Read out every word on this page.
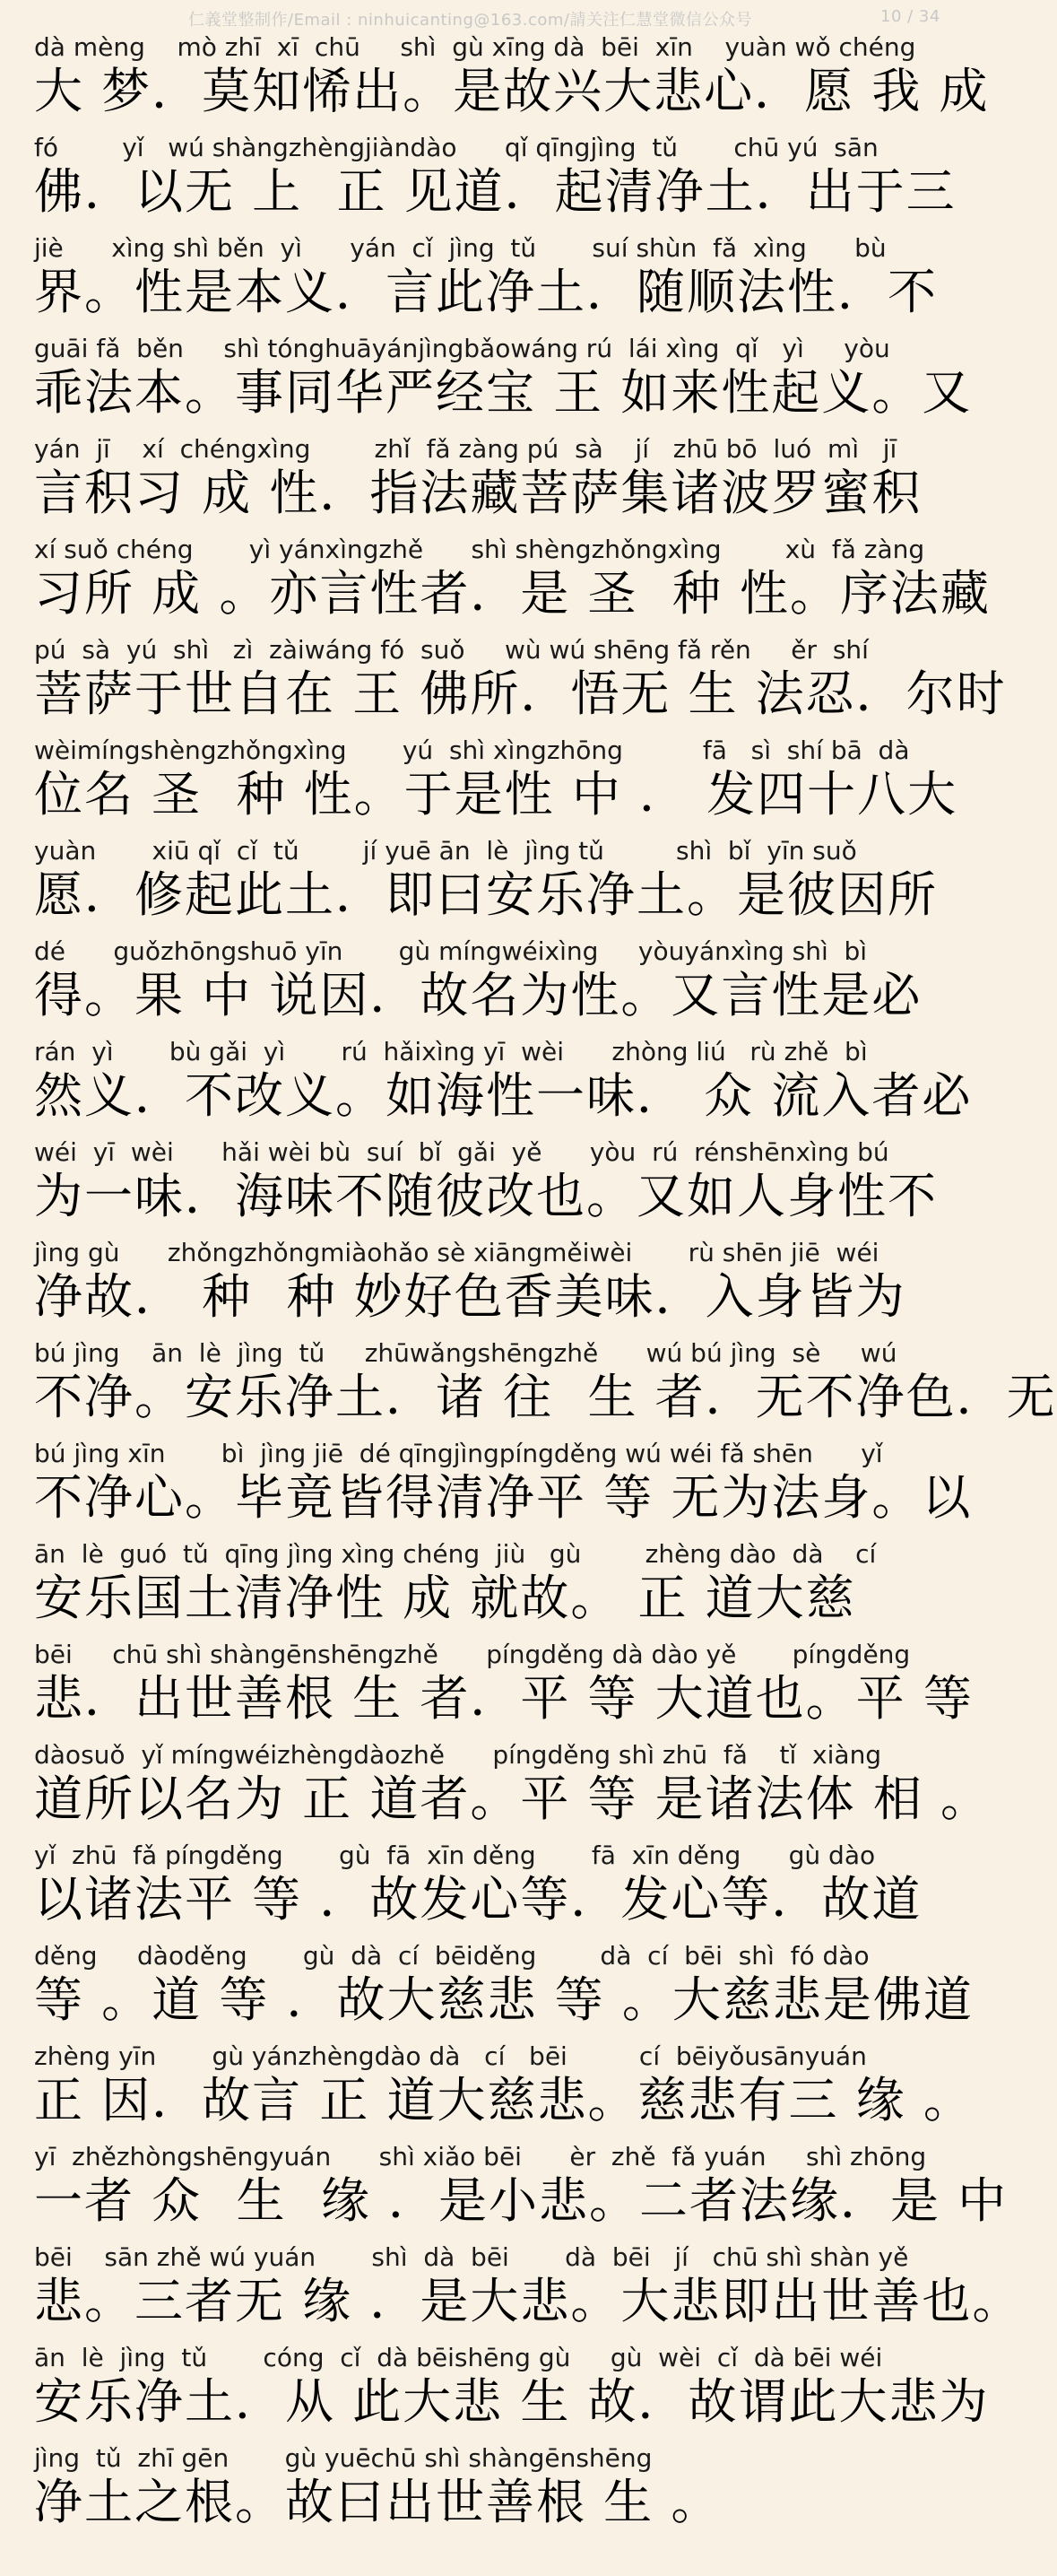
仁義堂整制作/Email : ninhuicanting@163.com/請关注仁慧堂微信公众号	10 / 34
dà mèng    mò zhī  xī  chū     shì  gù xīng dà  bēi  xīn    yuàn wǒ chéng
大 梦．莫知悕出。是故兴大悲心．愿 我 成
fó        yǐ   wú shàngzhèngjiàndào      qǐ qīngjìng  tǔ       chū yú  sān
佛．以无 上  正 见道．起清净土．出于三
jiè      xìng shì běn  yì      yán  cǐ  jìng  tǔ       suí shùn  fǎ  xìng      bù
界。性是本义．言此净土．随顺法性．不
guāi fǎ  běn     shì tónghuāyánjìngbǎowáng rú  lái xìng  qǐ   yì     yòu
乖法本。事同华严经宝 王 如来性起义。又
yán  jī    xí  chéngxìng        zhǐ  fǎ zàng pú  sà    jí   zhū bō  luó  mì   jī
言积习 成 性．指法藏菩萨集诸波罗蜜积
xí suǒ chéng       yì yánxìngzhě      shì shèngzhǒngxìng        xù  fǎ zàng
习所 成 。亦言性者．是 圣  种 性。序法藏
pú  sà  yú  shì   zì  zàiwáng fó  suǒ     wù wú shēng fǎ rěn     ěr  shí
菩萨于世自在 王 佛所．悟无 生 法忍．尔时
wèimíngshèngzhǒngxìng       yú  shì xìngzhōng          fā   sì  shí bā  dà
位名 圣  种 性。于是性 中 ． 发四十八大
yuàn       xiū qǐ  cǐ  tǔ        jí yuē ān  lè  jìng tǔ         shì  bǐ  yīn suǒ
愿．修起此土．即曰安乐净土。是彼因所
dé      guǒzhōngshuō yīn       gù míngwéixìng     yòuyánxìng shì  bì
得。果 中 说因．故名为性。又言性是必
rán  yì       bù gǎi  yì       rú  hǎixìng yī  wèi      zhòng liú   rù zhě  bì
然义．不改义。如海性一味． 众 流入者必
wéi  yī  wèi      hǎi wèi bù  suí  bǐ  gǎi  yě      yòu  rú  rénshēnxìng bú
为一味．海味不随彼改也。又如人身性不
jìng gù      zhǒngzhǒngmiàohǎo sè xiāngměiwèi       rù shēn jiē  wéi
净故． 种  种 妙好色香美味．入身皆为
bú jìng    ān  lè  jìng  tǔ     zhūwǎngshēngzhě      wú bú jìng  sè     wú
不净。安乐净土．诸 往  生 者．无不净色．无
bú jìng xīn       bì  jìng jiē  dé qīngjìngpíngděng wú wéi fǎ shēn      yǐ
不净心。毕竟皆得清净平 等 无为法身。以
ān  lè  guó  tǔ  qīng jìng xìng chéng  jiù   gù        zhèng dào  dà    cí
安乐国土清净性 成 就故。 正 道大慈
bēi     chū shì shàngēnshēngzhě      píngděng dà dào yě       píngděng
悲．出世善根 生 者．平 等 大道也。平 等
dàosuǒ  yǐ míngwéizhèngdàozhě      píngděng shì zhū  fǎ    tǐ  xiàng
道所以名为 正 道者。平 等 是诸法体 相 。
yǐ  zhū  fǎ píngděng       gù  fā  xīn děng       fā  xīn děng      gù dào
以诸法平 等 ．故发心等．发心等．故道
děng     dàoděng       gù  dà  cí  bēiděng        dà  cí  bēi  shì  fó dào
等 。道 等 ．故大慈悲 等 。大慈悲是佛道
zhèng yīn       gù yánzhèngdào dà   cí   bēi         cí  bēiyǒusānyuán
正 因．故言 正 道大慈悲。慈悲有三 缘 。
yī  zhězhòngshēngyuán      shì xiǎo bēi      èr  zhě  fǎ yuán     shì zhōng
一者 众  生  缘 ．是小悲。二者法缘．是 中
bēi    sān zhě wú yuán       shì  dà  bēi       dà  bēi   jí   chū shì shàn yě
悲。三者无 缘 ．是大悲。大悲即出世善也。
ān  lè  jìng  tǔ       cóng  cǐ  dà bēishēng gù     gù  wèi  cǐ  dà bēi wéi
安乐净土．从 此大悲 生 故．故谓此大悲为
jìng  tǔ  zhī gēn       gù yuēchū shì shàngēnshēng
净土之根。故曰出世善根 生 。
